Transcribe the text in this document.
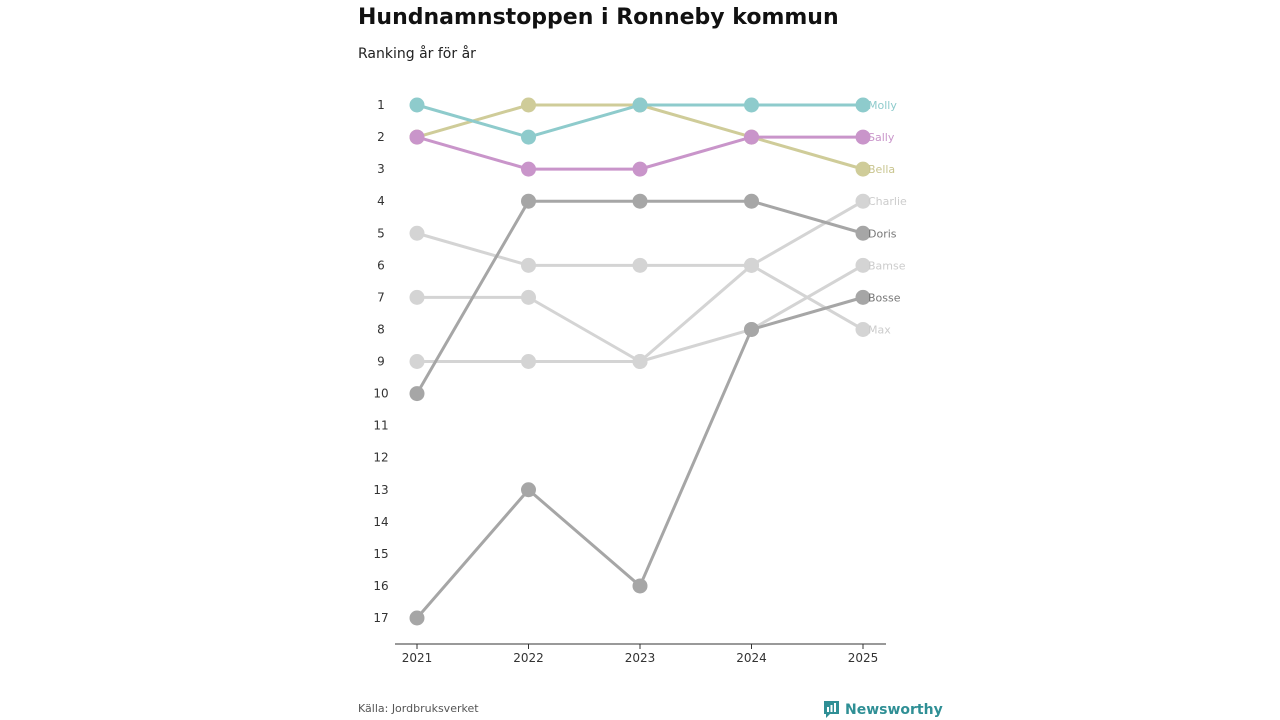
Hundnamnstoppen i Ronneby kommun
Ranking år för år
1
2
3
4
5
6
7
8
9
10
11
12
13
14
15
16
17
2021	2022	2023	2024	2025
Charlie
Bamse
Max
Doris
Bosse
Bella
Sally
Molly
Källa: Jordbruksverket	Newsworthy
